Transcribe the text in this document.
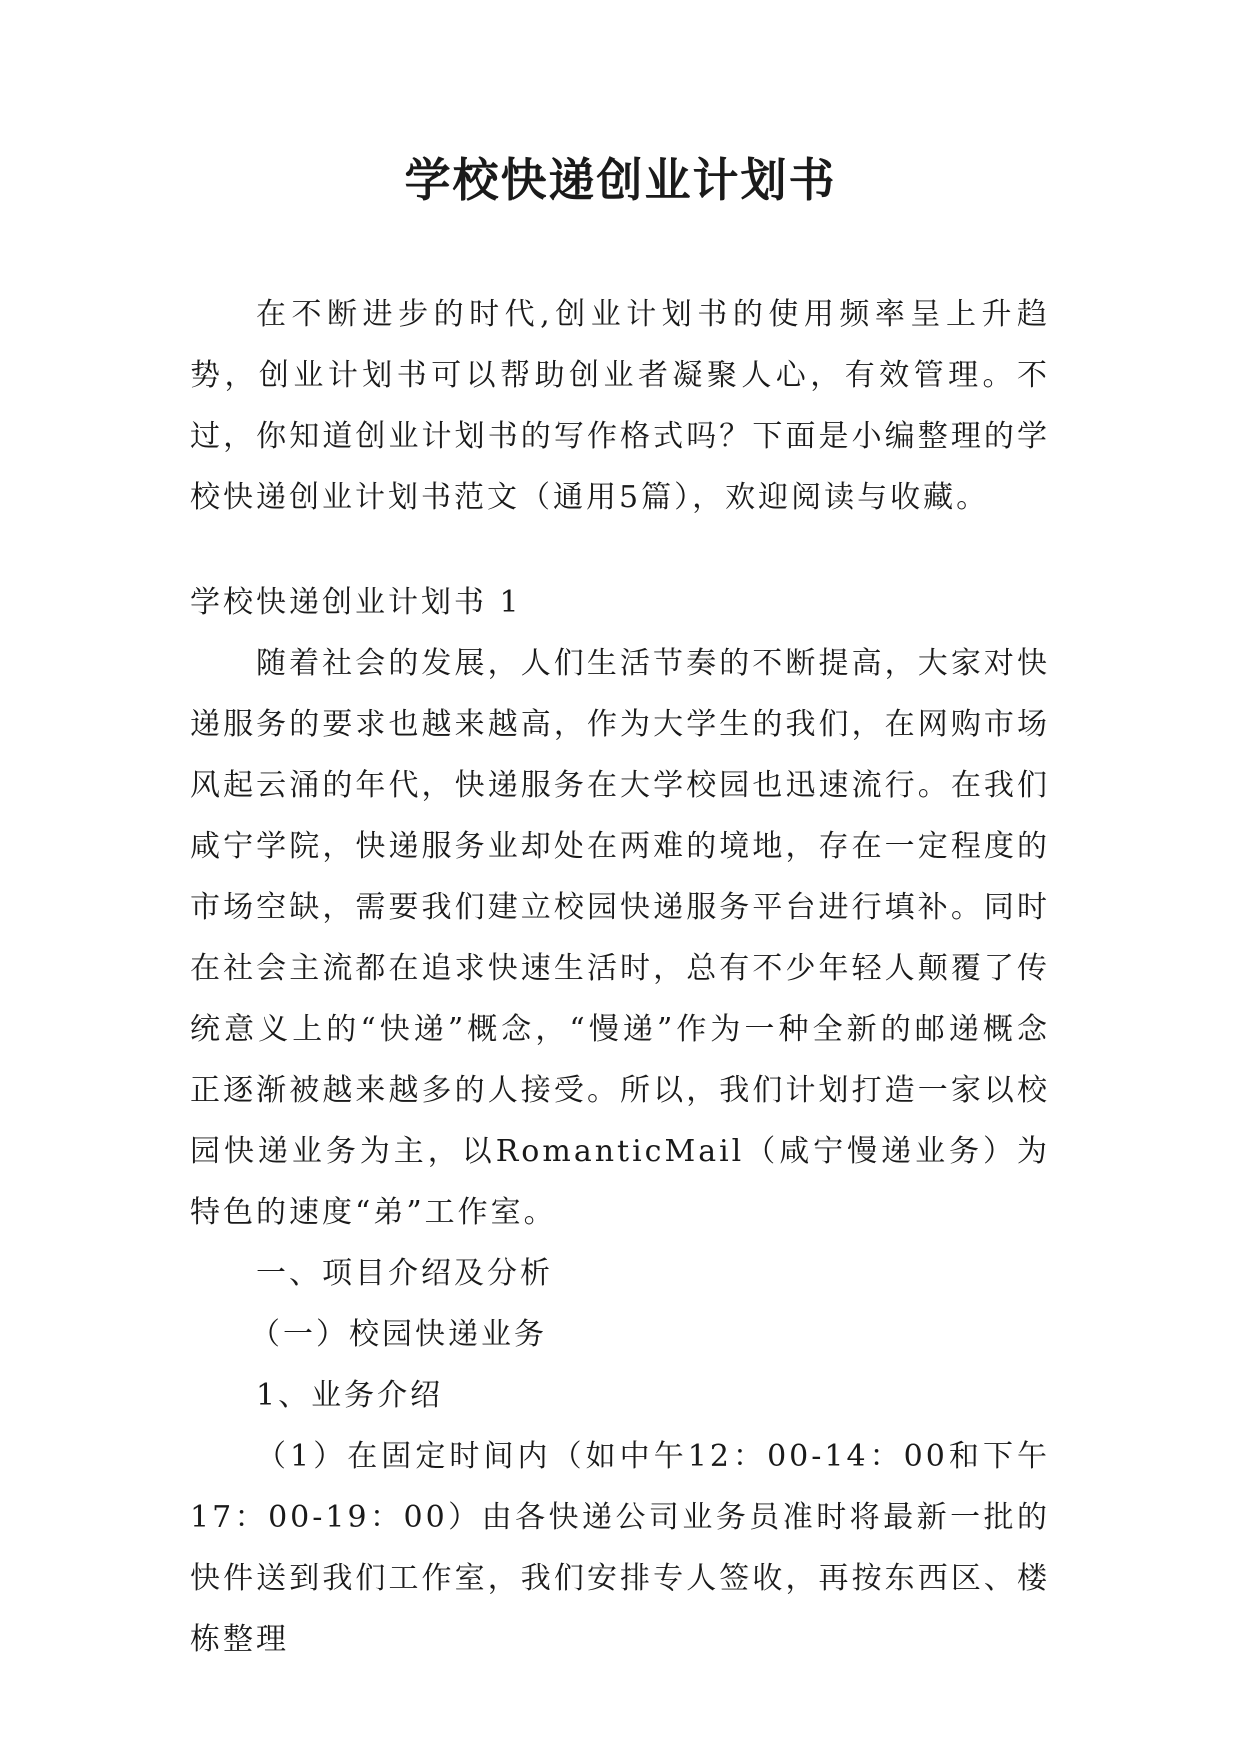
学校快递创业计划书

在不断进步的时代,创业计划书的使用频率呈上升趋势，创业计划书可以帮助创业者凝聚人心，有效管理。不过，你知道创业计划书的写作格式吗？下面是小编整理的学校快递创业计划书范文（通用5篇），欢迎阅读与收藏。

学校快递创业计划书 1

随着社会的发展，人们生活节奏的不断提高，大家对快递服务的要求也越来越高，作为大学生的我们，在网购市场风起云涌的年代，快递服务在大学校园也迅速流行。在我们咸宁学院，快递服务业却处在两难的境地，存在一定程度的市场空缺，需要我们建立校园快递服务平台进行填补。同时在社会主流都在追求快速生活时，总有不少年轻人颠覆了传统意义上的“快递”概念，“慢递”作为一种全新的邮递概念正逐渐被越来越多的人接受。所以，我们计划打造一家以校园快递业务为主，以RomanticMail（咸宁慢递业务）为特色的速度“弟”工作室。

一、项目介绍及分析

（一）校园快递业务

1、业务介绍

（1）在固定时间内（如中午12：00-14：00和下午17：00-19：00）由各快递公司业务员准时将最新一批的快件送到我们工作室，我们安排专人签收，再按东西区、楼栋整理
